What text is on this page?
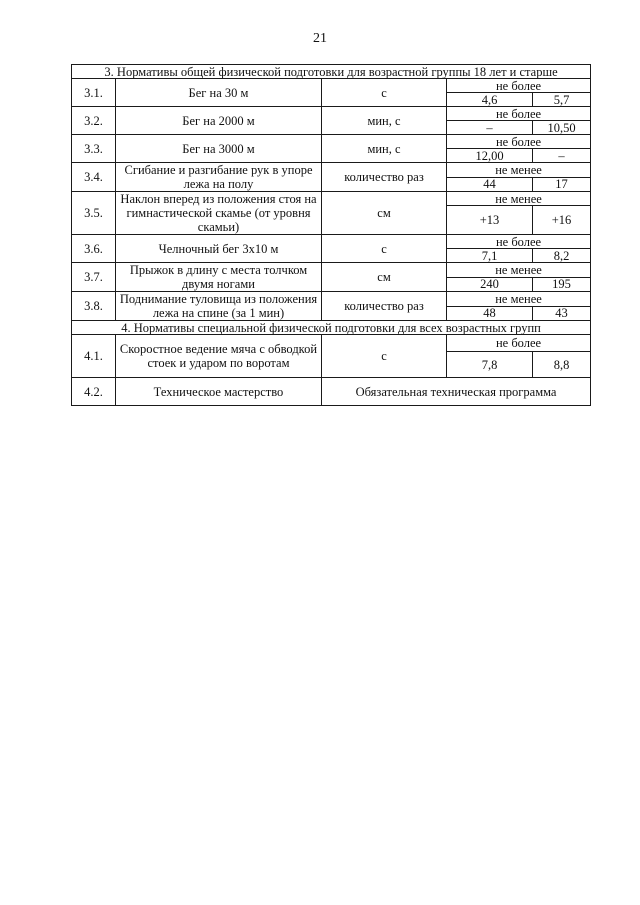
21
3. Нормативы общей физической подготовки для возрастной группы 18 лет и старше				
3.1.	Бег на 30 м	с	не более	
			4,6	5,7
3.2.	Бег на 2000 м	мин, с	не более	
			–	10,50
3.3.	Бег на 3000 м	мин, с	не более	
			12,00	–
3.4.	Сгибание и разгибание рук в упоре лежа на полу	количество раз	не менее	
			44	17
3.5.	Наклон вперед из положения стоя на гимнастической скамье (от уровня скамьи)	см	не менее	
			+13	+16
3.6.	Челночный бег 3х10 м	с	не более	
			7,1	8,2
3.7.	Прыжок в длину с места толчком двумя ногами	см	не менее	
			240	195
3.8.	Поднимание туловища из положения лежа на спине (за 1 мин)	количество раз	не менее	
			48	43
4. Нормативы специальной физической подготовки для всех возрастных групп				
4.1.	Скоростное ведение мяча с обводкой стоек и ударом по воротам	с	не более	
			7,8	8,8
4.2.	Техническое мастерство	Обязательная техническая программа		
